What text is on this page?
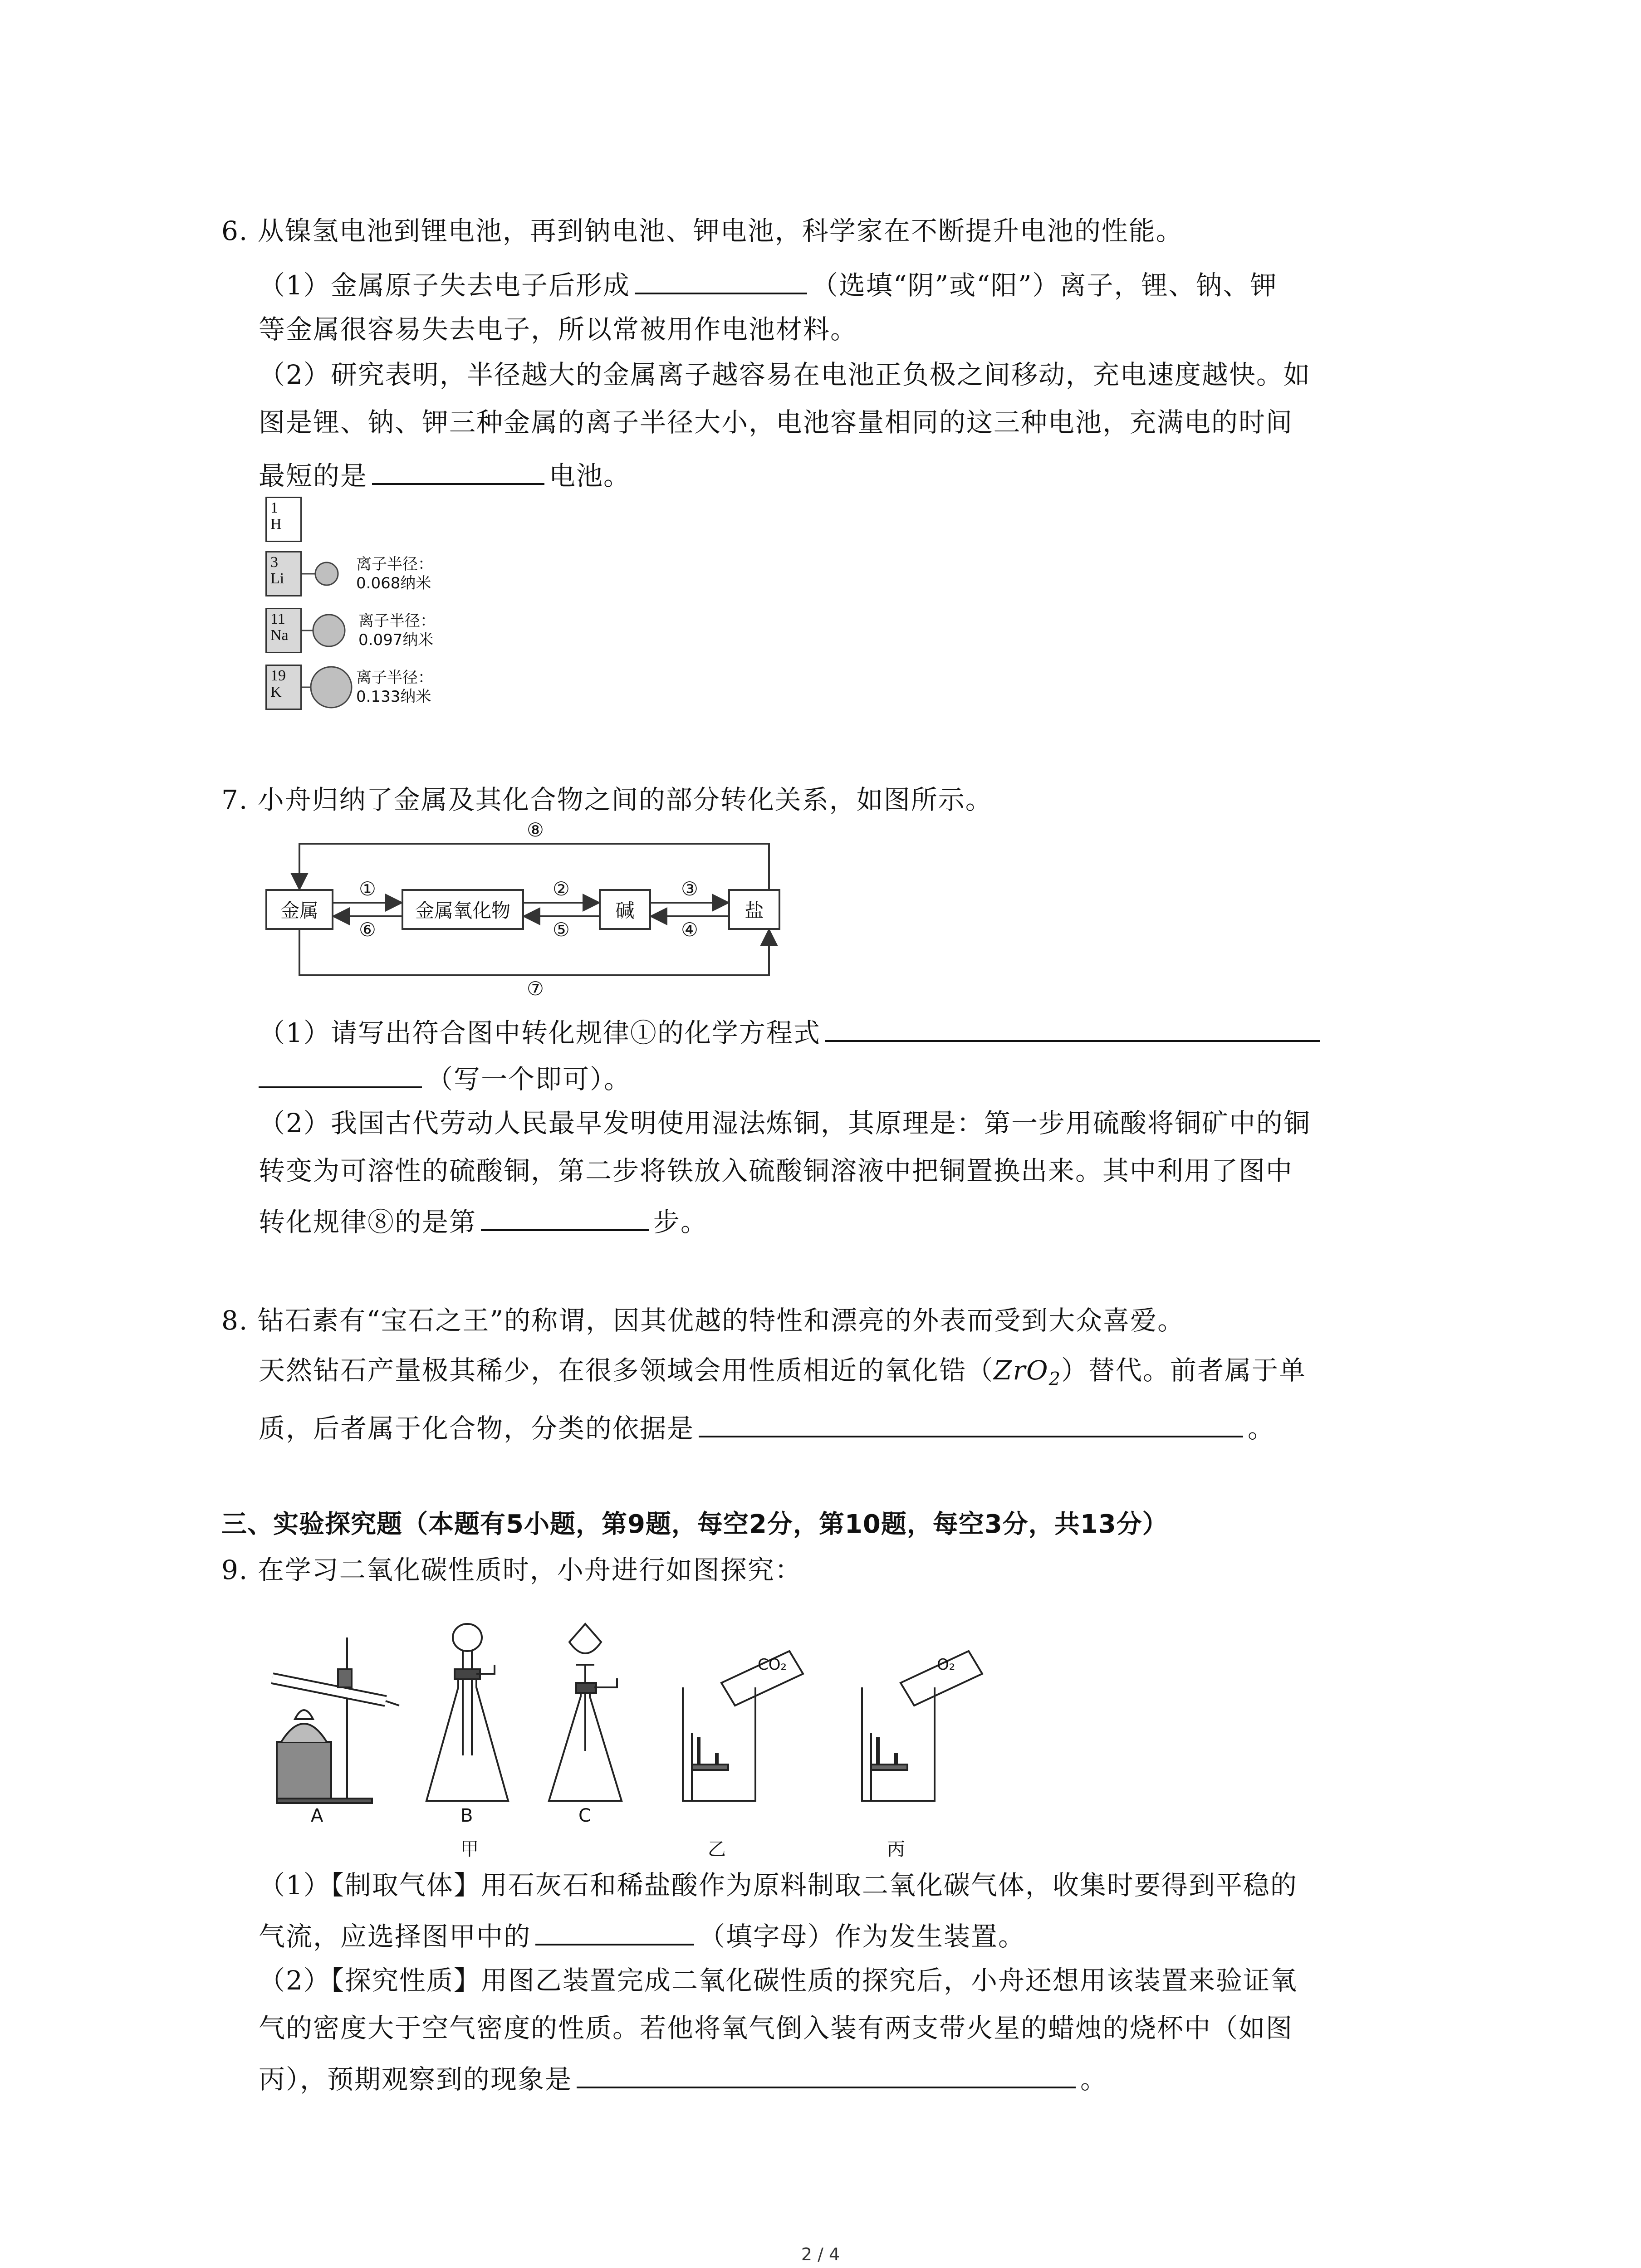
6. 从镍氢电池到锂电池，再到钠电池、钾电池，科学家在不断提升电池的性能。
（1）金属原子失去电子后形成	（选填“阴”或“阳”）离子，锂、钠、钾
等金属很容易失去电子，所以常被用作电池材料。
（2）研究表明，半径越大的金属离子越容易在电池正负极之间移动，充电速度越快。如
图是锂、钠、钾三种金属的离子半径大小，电池容量相同的这三种电池，充满电的时间
最短的是	电池。
1
H
3
Li
11
Na
19
K
离子半径：
0.068纳米
离子半径：
0.097纳米
离子半径：
0.133纳米
7. 小舟归纳了金属及其化合物之间的部分转化关系，如图所示。
金属	金属氧化物	碱	盐
⑧
①
⑥
②
⑤
③
④
⑦
（1）请写出符合图中转化规律①的化学方程式
（写一个即可）。
（2）我国古代劳动人民最早发明使用湿法炼铜，其原理是：第一步用硫酸将铜矿中的铜
转变为可溶性的硫酸铜，第二步将铁放入硫酸铜溶液中把铜置换出来。其中利用了图中
转化规律⑧的是第	步。
8. 钻石素有“宝石之王”的称谓，因其优越的特性和漂亮的外表而受到大众喜爱。
天然钻石产量极其稀少，在很多领域会用性质相近的氧化锆（ZrO$_2$）替代。前者属于单
质，后者属于化合物，分类的依据是	。
三、实验探究题（本题有5小题，第9题，每空2分，第10题，每空3分，共13分）
9. 在学习二氧化碳性质时，小舟进行如图探究：
CO₂	O₂
A	B	C
甲	乙	丙
（1）【制取气体】用石灰石和稀盐酸作为原料制取二氧化碳气体，收集时要得到平稳的
气流，应选择图甲中的	（填字母）作为发生装置。
（2）【探究性质】用图乙装置完成二氧化碳性质的探究后，小舟还想用该装置来验证氧
气的密度大于空气密度的性质。若他将氧气倒入装有两支带火星的蜡烛的烧杯中（如图
丙），预期观察到的现象是	。
2 / 4
